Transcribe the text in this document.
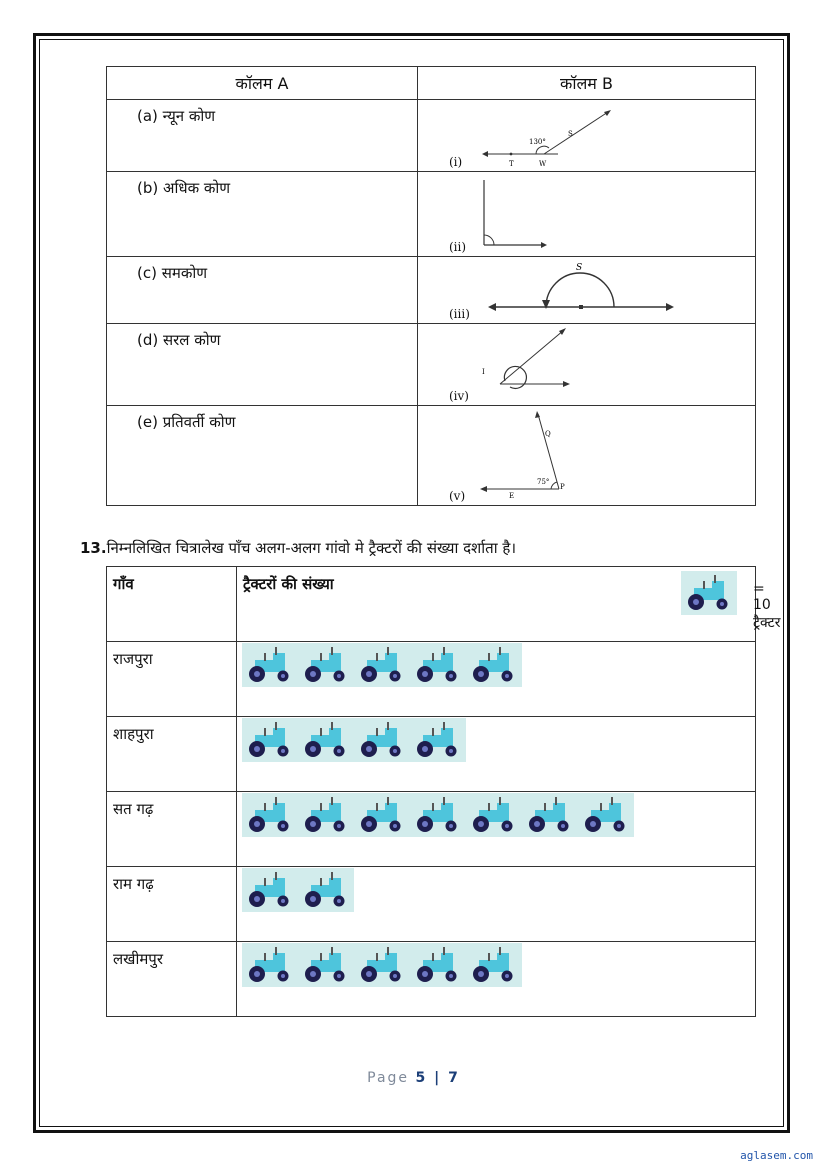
कॉलम A	कॉलम B

(a) न्यून कोण	130°
S
T W
(i)

(b) अधिक कोण	(ii)

(c) समकोण	S
(iii)

(d) सरल कोण	I
(iv)

(e) प्रतिवर्ती कोण	Q
75°
E
P
(v)
13.निम्नलिखित चित्रालेख पाँच अलग-अलग गांवो मे ट्रैक्टरों की संख्या दर्शाता है।
गाँव	ट्रैक्टरों की संख्या = 10 ट्रैक्टर

राजपुरा

शाहपुरा

सत गढ़

राम गढ़

लखीमपुर

Page 5 | 7
aglasem.com
